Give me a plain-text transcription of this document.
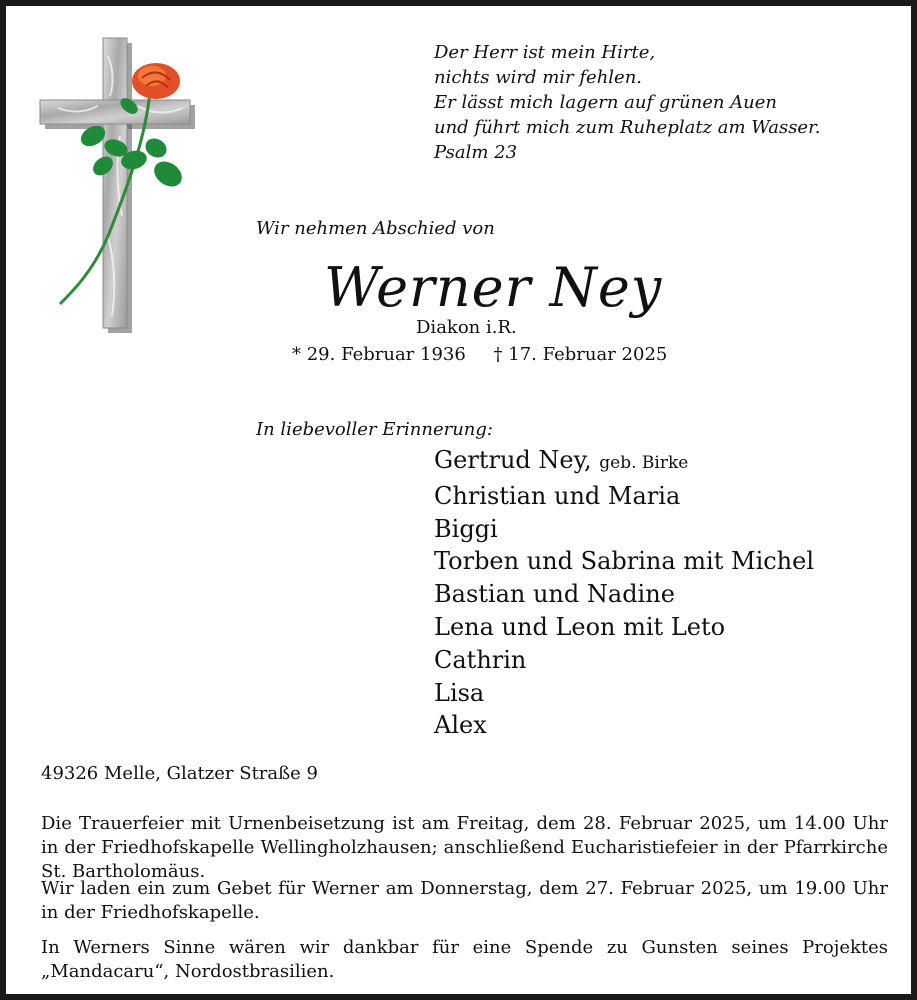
Der Herr ist mein Hirte,
nichts wird mir fehlen.
Er lässt mich lagern auf grünen Auen
und führt mich zum Ruheplatz am Wasser.
Psalm 23
Wir nehmen Abschied von
Werner Ney
Diakon i.R.
* 29. Februar 1936 † 17. Februar 2025
In liebevoller Erinnerung:
Gertrud Ney, geb. Birke
Christian und Maria
Biggi
Torben und Sabrina mit Michel
Bastian und Nadine
Lena und Leon mit Leto
Cathrin
Lisa
Alex
49326 Melle, Glatzer Straße 9
Die Trauerfeier mit Urnenbeisetzung ist am Freitag, dem 28. Februar 2025, um 14.00 Uhr in der Friedhofskapelle Wellingholzhausen; anschließend Eucharistiefeier in der Pfarrkirche St. Bartholomäus.
Wir laden ein zum Gebet für Werner am Donnerstag, dem 27. Februar 2025, um 19.00 Uhr in der Friedhofskapelle.
In Werners Sinne wären wir dankbar für eine Spende zu Gunsten seines Projektes „Mandacaru“, Nordostbrasilien.
